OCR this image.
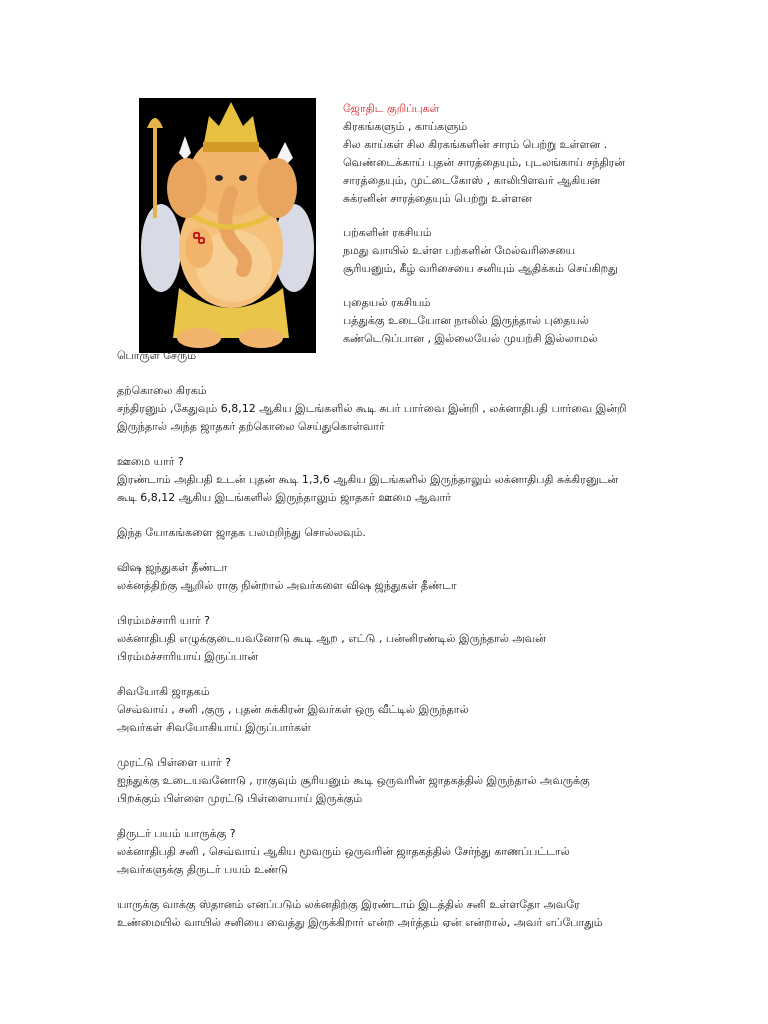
ஜோதிட குறிப்புகள்
கிரகங்களும் , காய்களும்
சில காய்கள் சில கிரகங்களின் சாரம் பெற்று உள்ளன .
வெண்டைக்காய் புதன் சாரத்தையும், புடலங்காய் சந்திரன்
சாரத்தையும், முட்டைகோஸ் , காலிபிளவர் ஆகியன
சுக்ரனின் சாரத்தையும் பெற்று உள்ளன
பற்களின் ரகசியம்
நமது வாயில் உள்ள பற்களின் மேல்வரிசையை
சூரியனும், கீழ் வரிசையை சனியும் ஆதிக்கம் செய்கிறது
புதையல் ரகசியம்
பத்துக்கு உடையோன நாலில் இருந்தால் புதையல்
கண்டெடுப்பான , இல்லையேல் முயற்சி இல்லாமல்
பொருள் சேரும்
தற்கொலை கிரகம்
சந்திரனும் ,கேதுவும் 6,8,12 ஆகிய இடங்களில் கூடி சுபர் பார்வை இன்றி , லக்னாதிபதி பார்வை இன்றி
இருந்தால் அந்த ஜாதகர் தற்கொலை செய்துகொள்வார்
ஊமை யார் ?
இரண்டாம் அதிபதி உடன் புதன் கூடி 1,3,6 ஆகிய இடங்களில் இருந்தாலும் லக்னாதிபதி சுக்கிரனுடன்
கூடி 6,8,12 ஆகிய இடங்களில் இருந்தாலும் ஜாதகர் ஊமை ஆவார்
இந்த யோகங்களை ஜாதக பலமறிந்து சொல்லவும்.
விஷ ஜந்துகள் தீண்டா
லக்னத்திற்கு ஆறில் ராகு நின்றால் அவர்களை விஷ ஜந்துகள் தீண்டா
பிரம்மச்சாரி யார் ?
லக்னாதிபதி எழுக்குடையவனோடு கூடி ஆற , எட்டு , பன்னிரண்டில் இருந்தால் அவன்
பிரம்மச்சாரியாய் இருப்பான்
சிவயோகி ஜாதகம்
செவ்வாய் , சனி ,குரு , புதன் சுக்கிரன் இவர்கள் ஒரு வீட்டில் இருந்தால்
அவர்கள் சிவயோகியாய் இருப்பார்கள்
முரட்டு பிள்ளை யார் ?
ஐந்துக்கு உடையவனோடு , ராகுவும் சூரியனும் கூடி ஒருவரின் ஜாதகத்தில் இருந்தால் அவருக்கு
பிறக்கும் பிள்ளை முரட்டு பிள்ளையாய் இருக்கும்
திருடர் பயம் யாருக்கு ?
லக்னாதிபதி சனி , செவ்வாய் ஆகிய மூவரும் ஒருவரின் ஜாதகத்தில் சேர்ந்து காணப்பட்டால்
அவர்களுக்கு திருடர் பயம் உண்டு
யாருக்கு வாக்கு ஸ்தானம் எனப்படும் லக்னதிற்கு இரண்டாம் இடத்தில் சனி உள்ளதோ அவரே
உண்மையில் வாயில் சனியை வைத்து இருக்கிறார் என்ற அர்த்தம் ஏன் என்றால், அவர் எப்போதும்
